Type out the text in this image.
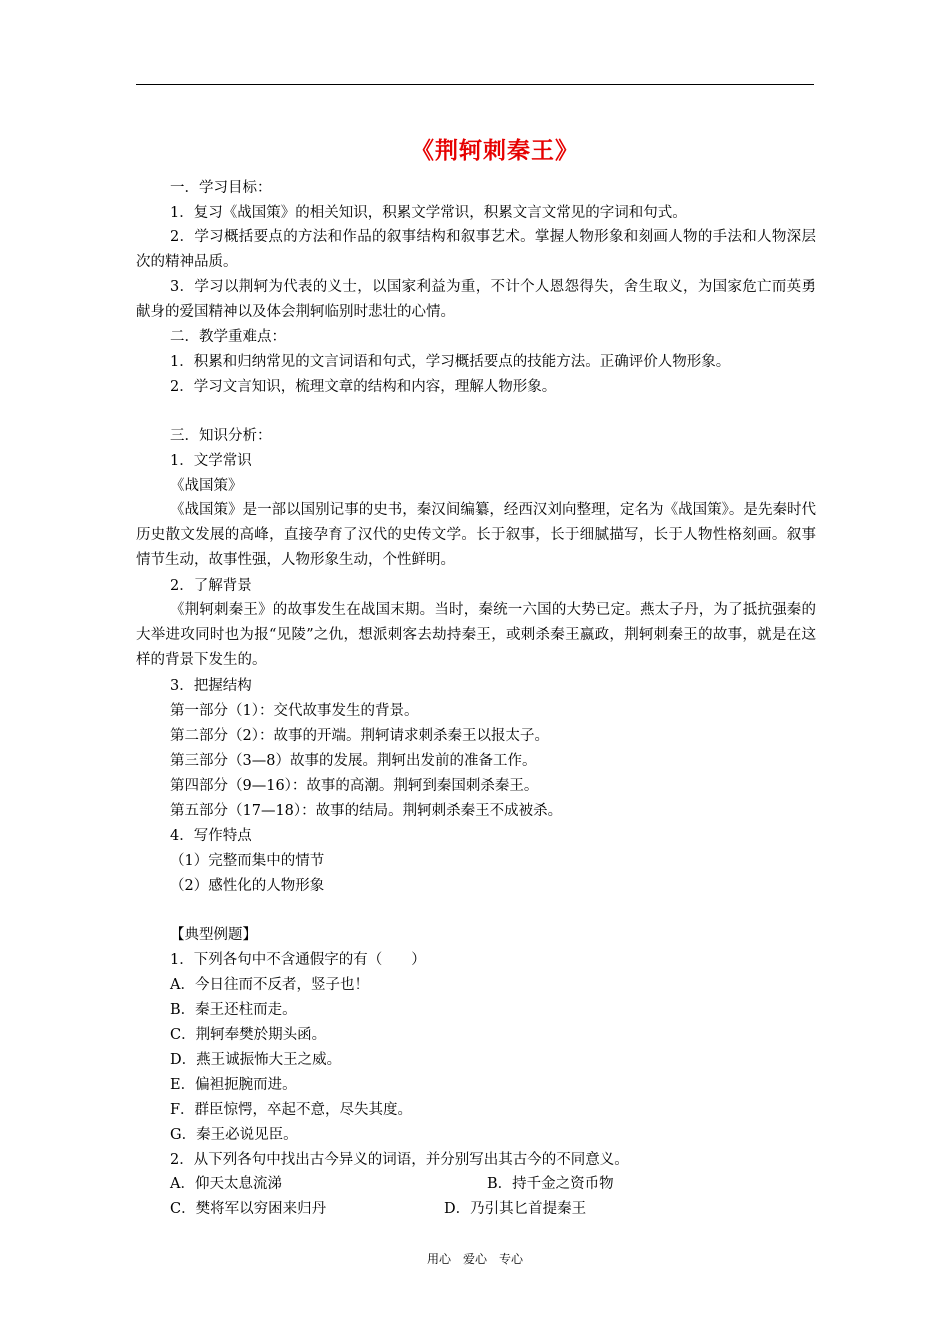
《荆轲刺秦王》
一．学习目标：
1．复习《战国策》的相关知识，积累文学常识，积累文言文常见的字词和句式。
2．学习概括要点的方法和作品的叙事结构和叙事艺术。掌握人物形象和刻画人物的手法和人物深层次的精神品质。
3．学习以荆轲为代表的义士，以国家利益为重，不计个人恩怨得失，舍生取义，为国家危亡而英勇献身的爱国精神以及体会荆轲临别时悲壮的心情。
二．教学重难点：
1．积累和归纳常见的文言词语和句式，学习概括要点的技能方法。正确评价人物形象。
2．学习文言知识，梳理文章的结构和内容，理解人物形象。
三．知识分析：
1．文学常识
《战国策》
《战国策》是一部以国别记事的史书，秦汉间编纂，经西汉刘向整理，定名为《战国策》。是先秦时代历史散文发展的高峰，直接孕育了汉代的史传文学。长于叙事，长于细腻描写，长于人物性格刻画。叙事情节生动，故事性强，人物形象生动，个性鲜明。
2．了解背景
《荆轲刺秦王》的故事发生在战国末期。当时，秦统一六国的大势已定。燕太子丹，为了抵抗强秦的大举进攻同时也为报“见陵”之仇，想派刺客去劫持秦王，或刺杀秦王嬴政，荆轲刺秦王的故事，就是在这样的背景下发生的。
3．把握结构
第一部分（1）：交代故事发生的背景。
第二部分（2）：故事的开端。荆轲请求刺杀秦王以报太子。
第三部分（3—8）故事的发展。荆轲出发前的准备工作。
第四部分（9—16）：故事的高潮。荆轲到秦国刺杀秦王。
第五部分（17—18）：故事的结局。荆轲刺杀秦王不成被杀。
4．写作特点
（1）完整而集中的情节
（2）感性化的人物形象
【典型例题】
1．下列各句中不含通假字的有（　　）
A．今日往而不反者，竖子也！
B．秦王还柱而走。
C．荆轲奉樊於期头函。
D．燕王诚振怖大王之威。
E．偏袒扼腕而进。
F．群臣惊愕，卒起不意，尽失其度。
G．秦王必说见臣。
2．从下列各句中找出古今异义的词语，并分别写出其古今的不同意义。
A．仰天太息流涕	B．持千金之资币物
C．樊将军以穷困来归丹	D．乃引其匕首提秦王
用心　爱心　专心
